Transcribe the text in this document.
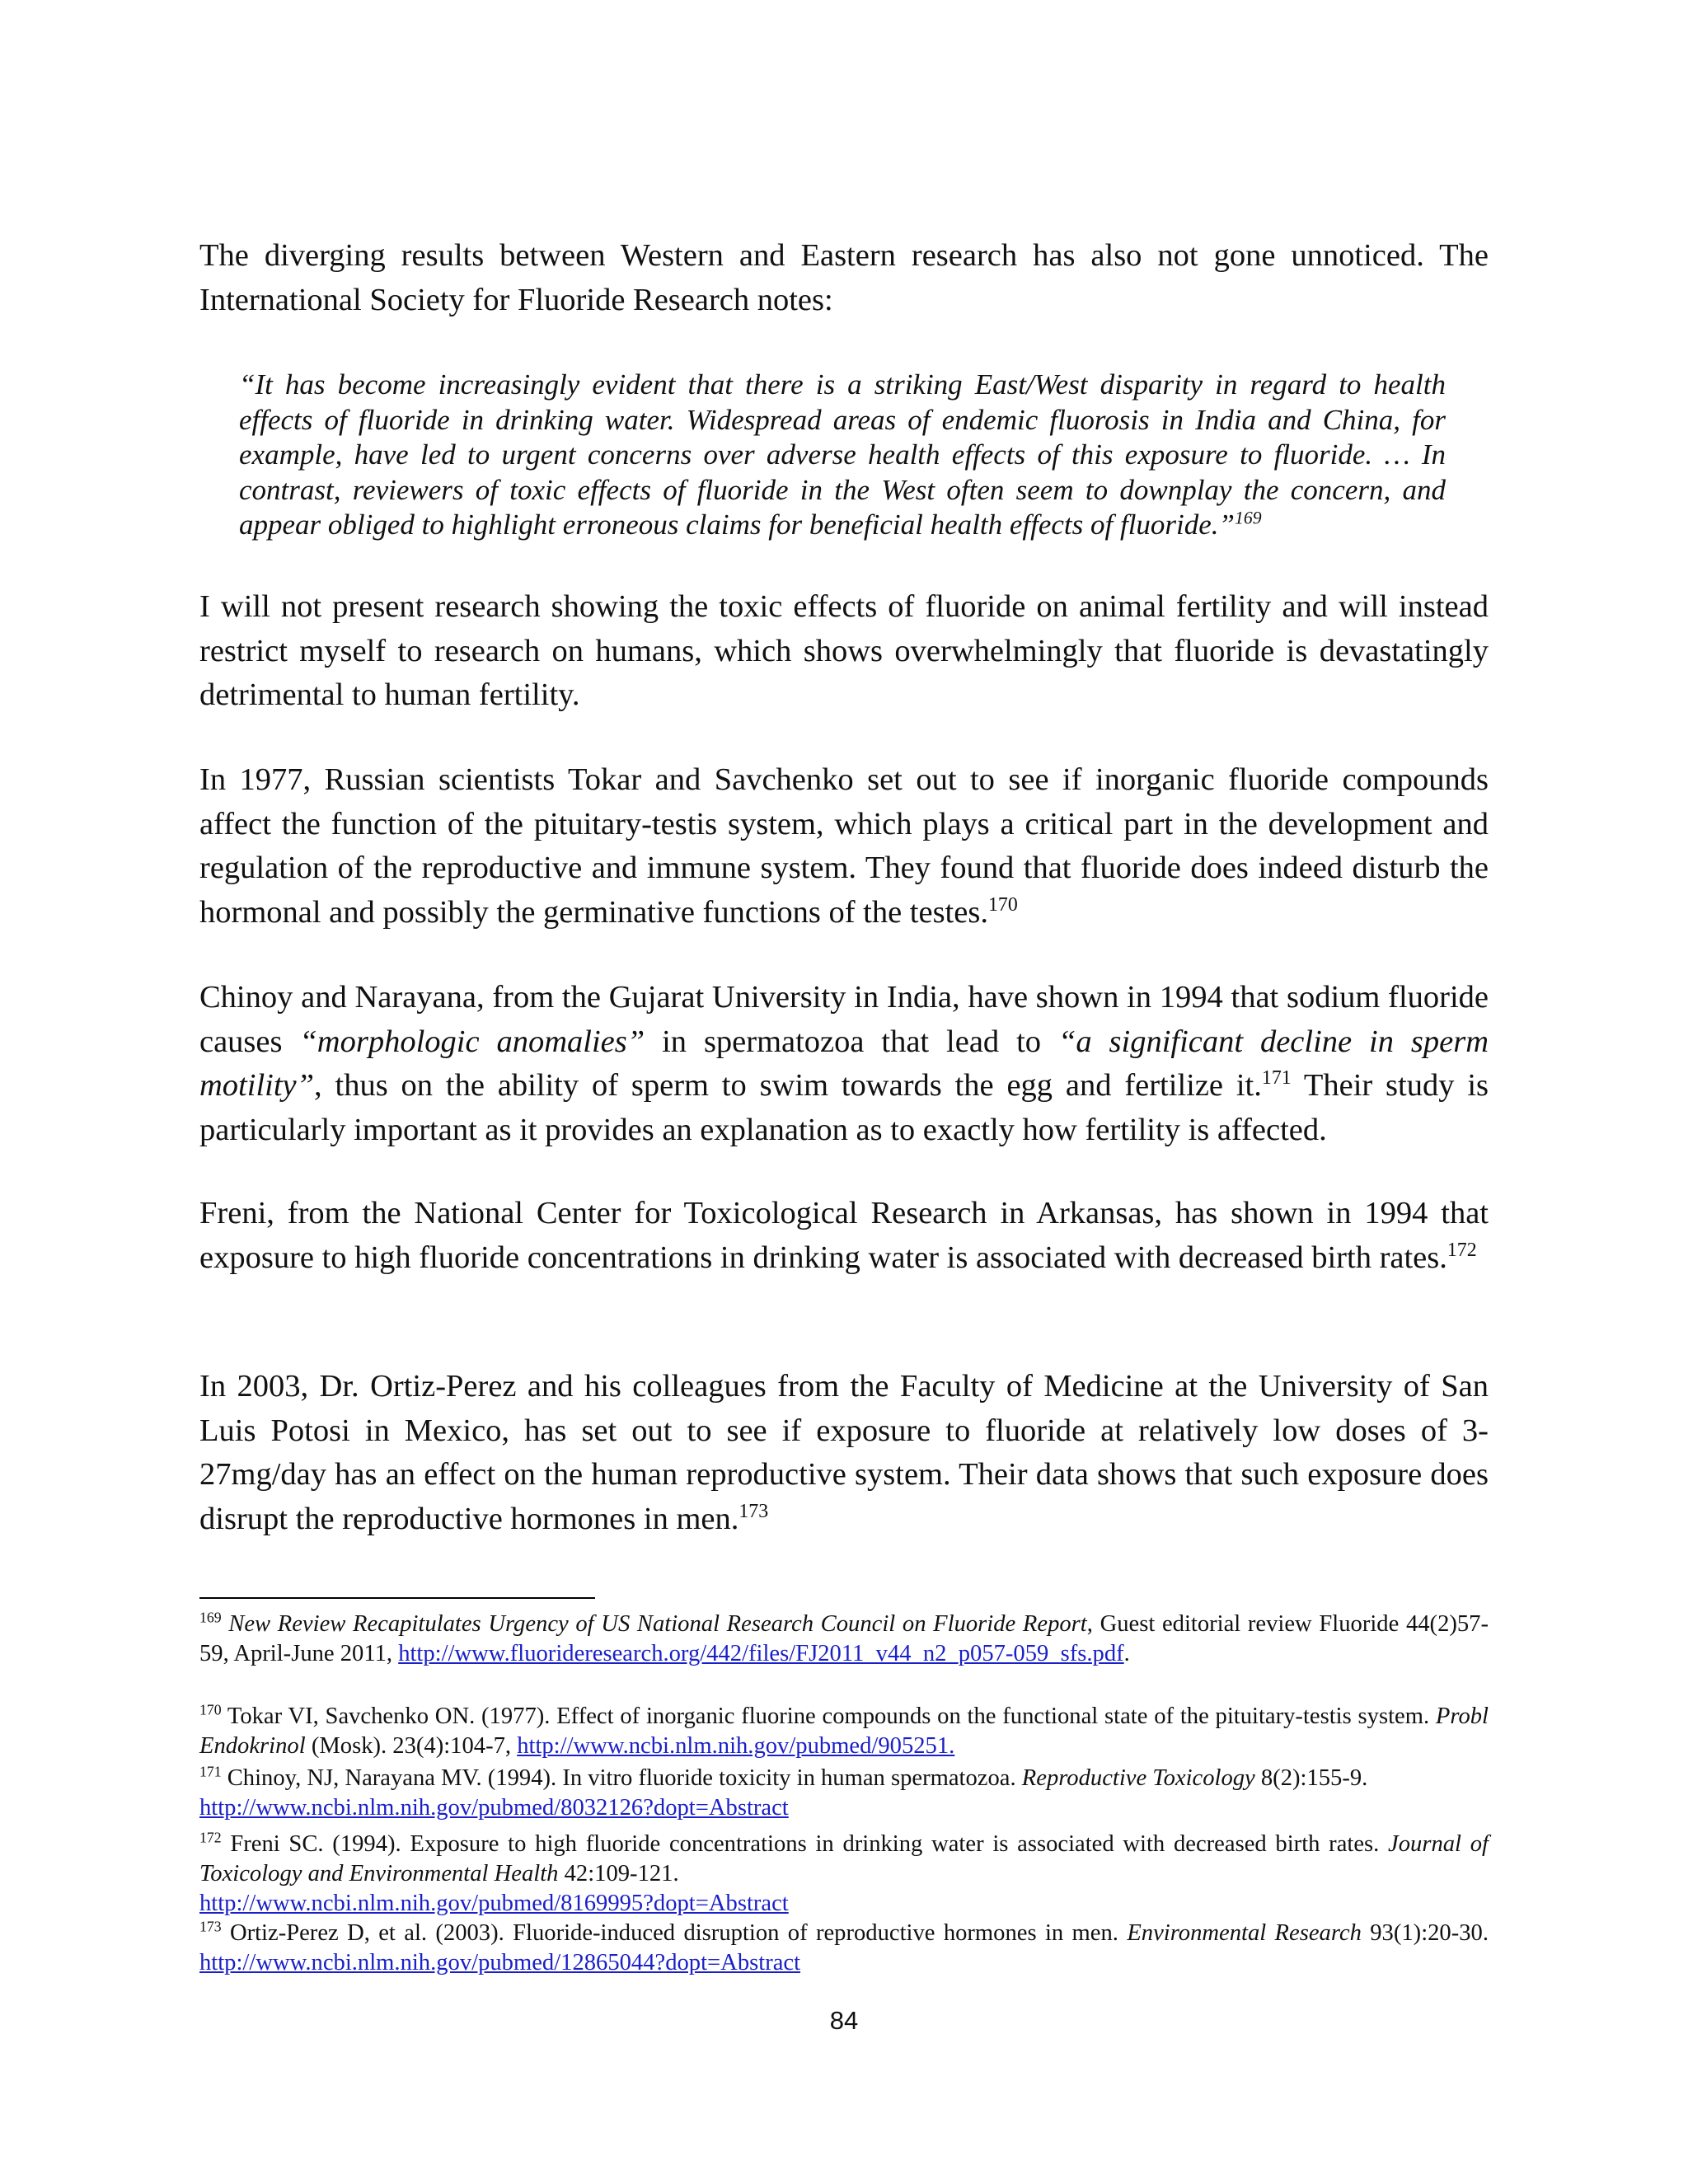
The diverging results between Western and Eastern research has also not gone unnoticed. The International Society for Fluoride Research notes:

“It has become increasingly evident that there is a striking East/West disparity in regard to health effects of fluoride in drinking water. Widespread areas of endemic fluorosis in India and China, for example, have led to urgent concerns over adverse health effects of this exposure to fluoride. … In contrast, reviewers of toxic effects of fluoride in the West often seem to downplay the concern, and appear obliged to highlight erroneous claims for beneficial health effects of fluoride.”$^{169}$

I will not present research showing the toxic effects of fluoride on animal fertility and will instead restrict myself to research on humans, which shows overwhelmingly that fluoride is devastatingly detrimental to human fertility.

In 1977, Russian scientists Tokar and Savchenko set out to see if inorganic fluoride compounds affect the function of the pituitary-testis system, which plays a critical part in the development and regulation of the reproductive and immune system. They found that fluoride does indeed disturb the hormonal and possibly the germinative functions of the testes.$^{170}$

Chinoy and Narayana, from the Gujarat University in India, have shown in 1994 that sodium fluoride causes “morphologic anomalies” in spermatozoa that lead to “a significant decline in sperm motility”, thus on the ability of sperm to swim towards the egg and fertilize it.$^{171}$ Their study is particularly important as it provides an explanation as to exactly how fertility is affected.

Freni, from the National Center for Toxicological Research in Arkansas, has shown in 1994 that exposure to high fluoride concentrations in drinking water is associated with decreased birth rates.$^{172}$

In 2003, Dr. Ortiz-Perez and his colleagues from the Faculty of Medicine at the University of San Luis Potosi in Mexico, has set out to see if exposure to fluoride at relatively low doses of 3-27mg/day has an effect on the human reproductive system. Their data shows that such exposure does disrupt the reproductive hormones in men.$^{173}$

$^{169}$ New Review Recapitulates Urgency of US National Research Council on Fluoride Report, Guest editorial review Fluoride 44(2)57-59, April-June 2011, http://www.fluorideresearch.org/442/files/FJ2011_v44_n2_p057-059_sfs.pdf.

$^{170}$ Tokar VI, Savchenko ON. (1977). Effect of inorganic fluorine compounds on the functional state of the pituitary-testis system. Probl Endokrinol (Mosk). 23(4):104-7, http://www.ncbi.nlm.nih.gov/pubmed/905251.

$^{171}$ Chinoy, NJ, Narayana MV. (1994). In vitro fluoride toxicity in human spermatozoa. Reproductive Toxicology 8(2):155-9.
http://www.ncbi.nlm.nih.gov/pubmed/8032126?dopt=Abstract

$^{172}$ Freni SC. (1994). Exposure to high fluoride concentrations in drinking water is associated with decreased birth rates. Journal of Toxicology and Environmental Health 42:109-121.
http://www.ncbi.nlm.nih.gov/pubmed/8169995?dopt=Abstract

$^{173}$ Ortiz-Perez D, et al. (2003). Fluoride-induced disruption of reproductive hormones in men. Environmental Research 93(1):20-30. http://www.ncbi.nlm.nih.gov/pubmed/12865044?dopt=Abstract

84
